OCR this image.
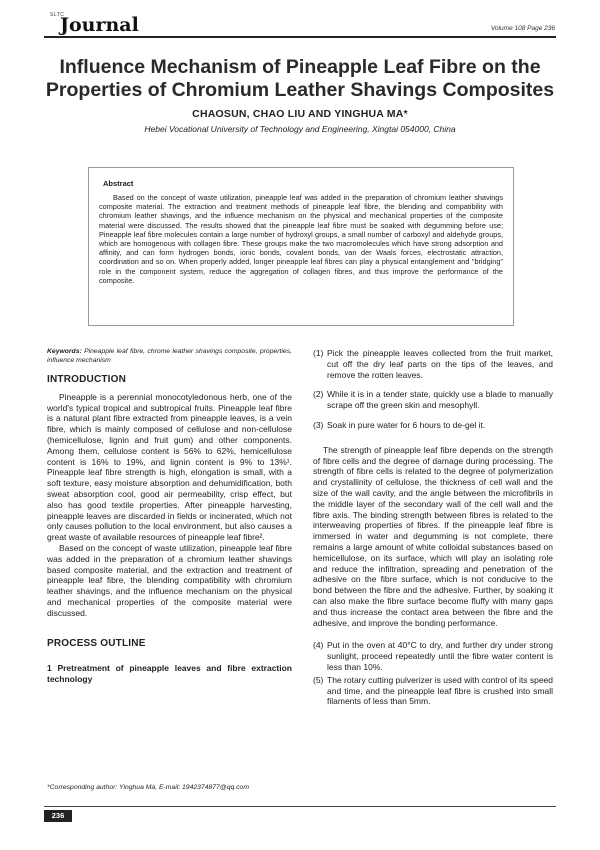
SLTC
Journal	Volume 108 Page 236
Influence Mechanism of Pineapple Leaf Fibre on the Properties of Chromium Leather Shavings Composites
CHAOSUN, CHAO LIU AND YINGHUA MA*
Hebei Vocational University of Technology and Engineering, Xingtai 054000, China
Abstract
Based on the concept of waste utilization, pineapple leaf was added in the preparation of chromium leather shavings composite material. The extraction and treatment methods of pineapple leaf fibre, the blending and compatibility with chromium leather shavings, and the influence mechanism on the physical and mechanical properties of the composite material were discussed. The results showed that the pineapple leaf fibre must be soaked with degumming before use; Pineapple leaf fibre molecules contain a large number of hydroxyl groups, a small number of carboxyl and aldehyde groups, which are homogenous with collagen fibre. These groups make the two macromolecules which have strong adsorption and affinity, and can form hydrogen bonds, ionic bonds, covalent bonds, van der Waals forces, electrostatic attraction, coordination and so on. When properly added, longer pineapple leaf fibres can play a physical entanglement and "bridging" role in the component system, reduce the aggregation of collagen fibres, and thus improve the performance of the composite.
Keywords: Pineapple leaf fibre, chrome leather shavings composite, properties, influence mechanism
INTRODUCTION

Pineapple is a perennial monocotyledonous herb, one of the world's typical tropical and subtropical fruits. Pineapple leaf fibre is a natural plant fibre extracted from pineapple leaves, is a vein fibre, which is mainly composed of cellulose and non-cellulose (hemicellulose, lignin and fruit gum) and other components. Among them, cellulose content is 56% to 62%, hemicellulose content is 16% to 19%, and lignin content is 9% to 13%¹. Pineapple leaf fibre strength is high, elongation is small, with a soft texture, easy moisture absorption and dehumidification, both sweat absorption cool, good air permeability, crisp effect, but also has good textile properties. After pineapple harvesting, pineapple leaves are discarded in fields or incinerated, which not only causes pollution to the local environment, but also causes a great waste of available resources of pineapple leaf fibre².

Based on the concept of waste utilization, pineapple leaf fibre was added in the preparation of a chromium leather shavings based composite material, and the extraction and treatment of pineapple leaf fibre, the blending compatibility with chromium leather shavings, and the influence mechanism on the physical and mechanical properties of the composite material were discussed.

PROCESS OUTLINE
1 Pretreatment of pineapple leaves and fibre extraction technology
*Corresponding author: Yinghua Ma, E-mail: 1942374877@qq.com
(1) Pick the pineapple leaves collected from the fruit market, cut off the dry leaf parts on the tips of the leaves, and remove the rotten leaves.
(2) While it is in a tender state, quickly use a blade to manually scrape off the green skin and mesophyll.
(3) Soak in pure water for 6 hours to de-gel it.

The strength of pineapple leaf fibre depends on the strength of fibre cells and the degree of damage during processing. The strength of fibre cells is related to the degree of polymerization and crystallinity of cellulose, the thickness of cell wall and the size of the wall cavity, and the angle between the microfibrils in the middle layer of the secondary wall of the cell wall and the fibre axis. The binding strength between fibres is related to the interweaving properties of fibres. If the pineapple leaf fibre is immersed in water and degumming is not complete, there remains a large amount of white colloidal substances based on hemicellulose, on its surface, which will play an isolating role and reduce the infiltration, spreading and penetration of the adhesive on the fibre surface, which is not conducive to the bond between the fibre and the adhesive. Further, by soaking it can also make the fibre surface become fluffy with many gaps and thus increase the contact area between the fibre and the adhesive, and improve the bonding performance.

(4) Put in the oven at 40°C to dry, and further dry under strong sunlight, proceed repeatedly until the fibre water content is less than 10%.
(5) The rotary cutting pulverizer is used with control of its speed and time, and the pineapple leaf fibre is crushed into small filaments of less than 5mm.
236
